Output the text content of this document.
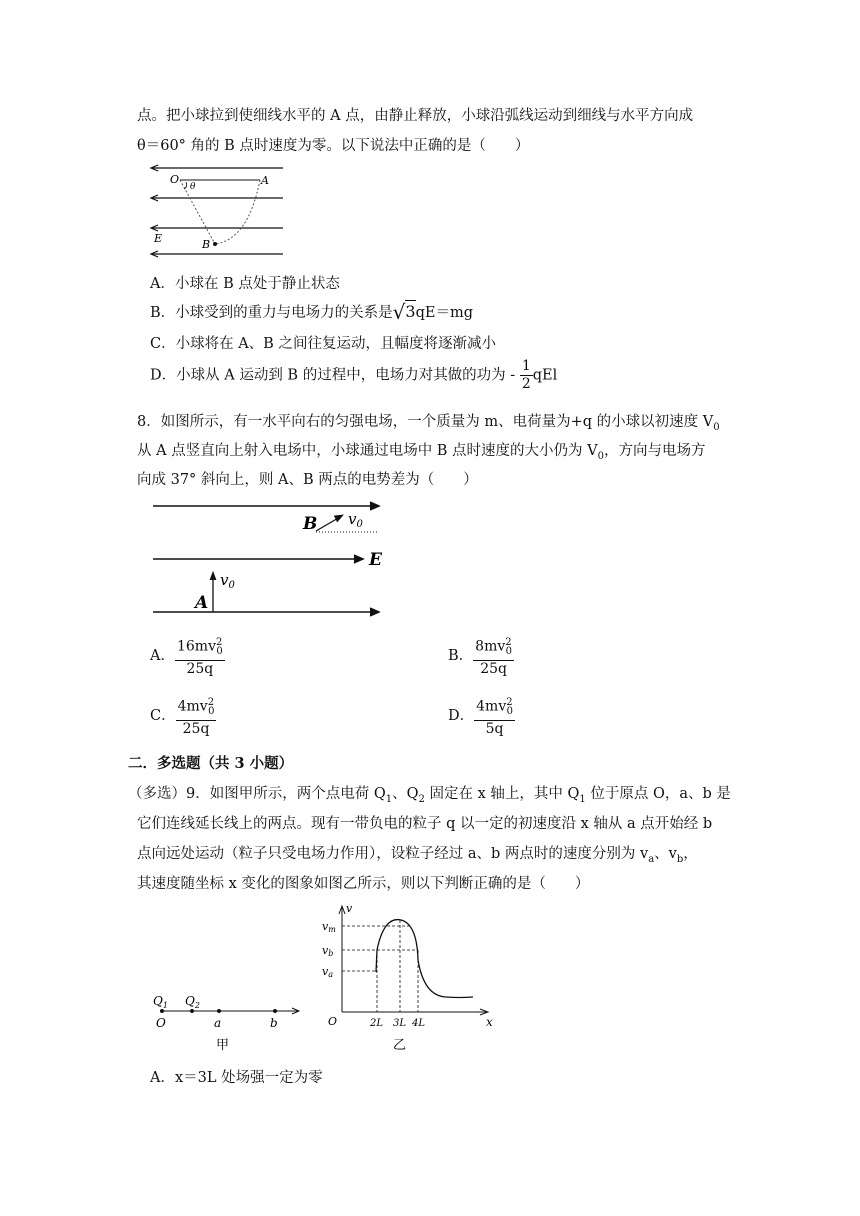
点。把小球拉到使细线水平的 A 点，由静止释放，小球沿弧线运动到细线与水平方向成
θ＝60° 角的 B 点时速度为零。以下说法中正确的是（　　）
O
θ	A
E	B
A．小球在 B 点处于静止状态
B．小球受到的重力与电场力的关系是√3qE＝mg
C．小球将在 A、B 之间往复运动，且幅度将逐渐减小
D．小球从 A 运动到 B 的过程中，电场力对其做的功为 - $\frac{1}{2}$ qEl
8．如图所示，有一水平向右的匀强电场，一个质量为 m、电荷量为+q 的小球以初速度 $V_0$
从 A 点竖直向上射入电场中，小球通过电场中 B 点时速度的大小仍为 $V_0$，方向与电场方
向成 37° 斜向上，则 A、B 两点的电势差为（　　）
B $v_0$
E
A
$v_0$
A． $\frac{16mv^2_0}{25q}$	B． $\frac{8mv^2_0}{25q}$
C． $\frac{4mv^2_0}{25q}$	D． $\frac{4mv^2_0}{5q}$
二．多选题（共 3 小题）
（多选）9．如图甲所示，两个点电荷 $Q_1$、$Q_2$ 固定在 x 轴上，其中 $Q_1$ 位于原点 O，a、b 是
它们连线延长线上的两点。现有一带负电的粒子 q 以一定的初速度沿 x 轴从 a 点开始经 b
点向远处运动（粒子只受电场力作用），设粒子经过 a、b 两点时的速度分别为 $v_a$、$v_b$，
其速度随坐标 x 变化的图象如图乙所示，则以下判断正确的是（　　）
$Q_1$ $Q_2$
O	a	b
甲
v
vm
vb
va
O	2L 3L 4L	x
乙
A．x＝3L 处场强一定为零
